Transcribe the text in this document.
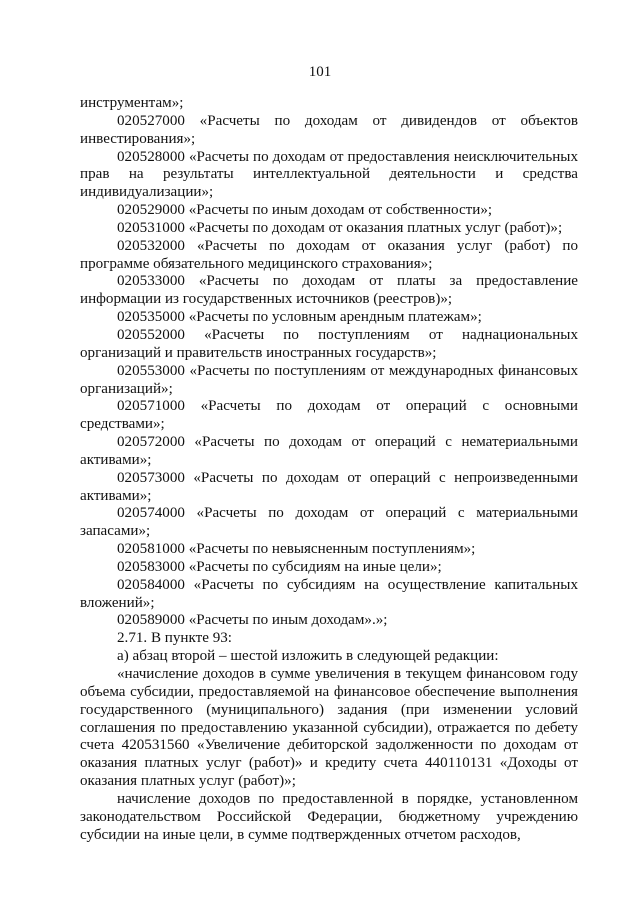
101

инструментам»;

020527000 «Расчеты по доходам от дивидендов от объектов инвестирования»;

020528000 «Расчеты по доходам от предоставления неисключительных прав на результаты интеллектуальной деятельности и средства индивидуализации»;

020529000 «Расчеты по иным доходам от собственности»;

020531000 «Расчеты по доходам от оказания платных услуг (работ)»;

020532000 «Расчеты по доходам от оказания услуг (работ) по программе обязательного медицинского страхования»;

020533000 «Расчеты по доходам от платы за предоставление информации из государственных источников (реестров)»;

020535000 «Расчеты по условным арендным платежам»;

020552000 «Расчеты по поступлениям от наднациональных организаций и правительств иностранных государств»;

020553000 «Расчеты по поступлениям от международных финансовых организаций»;

020571000 «Расчеты по доходам от операций с основными средствами»;

020572000 «Расчеты по доходам от операций с нематериальными активами»;

020573000 «Расчеты по доходам от операций с непроизведенными активами»;

020574000 «Расчеты по доходам от операций с материальными запасами»;

020581000 «Расчеты по невыясненным поступлениям»;

020583000 «Расчеты по субсидиям на иные цели»;

020584000 «Расчеты по субсидиям на осуществление капитальных вложений»;

020589000 «Расчеты по иным доходам».»;

2.71. В пункте 93:

а) абзац второй – шестой изложить в следующей редакции:

«начисление доходов в сумме увеличения в текущем финансовом году объема субсидии, предоставляемой на финансовое обеспечение выполнения государственного (муниципального) задания (при изменении условий соглашения по предоставлению указанной субсидии), отражается по дебету счета 420531560 «Увеличение дебиторской задолженности по доходам от оказания платных услуг (работ)» и кредиту счета 440110131 «Доходы от оказания платных услуг (работ)»;

начисление доходов по предоставленной в порядке, установленном законодательством Российской Федерации, бюджетному учреждению субсидии на иные цели, в сумме подтвержденных отчетом расходов,
